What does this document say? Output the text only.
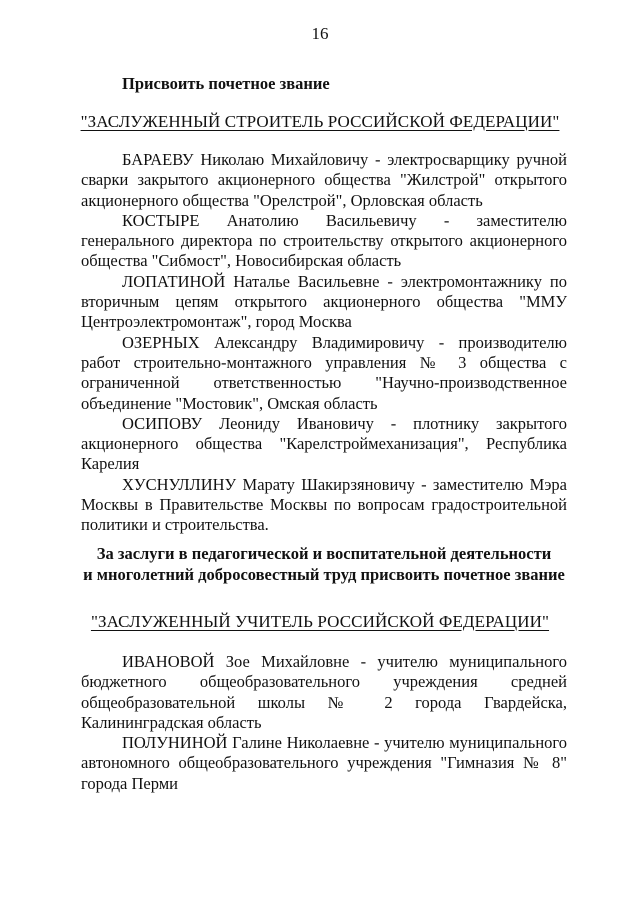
16
Присвоить почетное звание
"ЗАСЛУЖЕННЫЙ СТРОИТЕЛЬ РОССИЙСКОЙ ФЕДЕРАЦИИ"

БАРАЕВУ Николаю Михайловичу - электросварщику ручной сварки закрытого акционерного общества "Жилстрой" открытого акционерного общества "Орелстрой", Орловская область

КОСТЫРЕ Анатолию Васильевичу - заместителю генерального директора по строительству открытого акционерного общества "Сибмост", Новосибирская область

ЛОПАТИНОЙ Наталье Васильевне - электромонтажнику по вторичным цепям открытого акционерного общества "ММУ Центроэлектромонтаж", город Москва

ОЗЕРНЫХ Александру Владимировичу - производителю работ строительно-монтажного управления № 3 общества с ограниченной ответственностью "Научно-производственное объединение "Мостовик", Омская область

ОСИПОВУ Леониду Ивановичу - плотнику закрытого акционерного общества "Карелстроймеханизация", Республика Карелия

ХУСНУЛЛИНУ Марату Шакирзяновичу - заместителю Мэра Москвы в Правительстве Москвы по вопросам градостроительной политики и строительства.

За заслуги в педагогической и воспитательной деятельности
и многолетний добросовестный труд присвоить почетное звание
"ЗАСЛУЖЕННЫЙ УЧИТЕЛЬ РОССИЙСКОЙ ФЕДЕРАЦИИ"

ИВАНОВОЙ Зое Михайловне - учителю муниципального бюджетного общеобразовательного учреждения средней общеобразовательной школы № 2 города Гвардейска, Калининградская область

ПОЛУНИНОЙ Галине Николаевне - учителю муниципального автономного общеобразовательного учреждения "Гимназия № 8" города Перми
